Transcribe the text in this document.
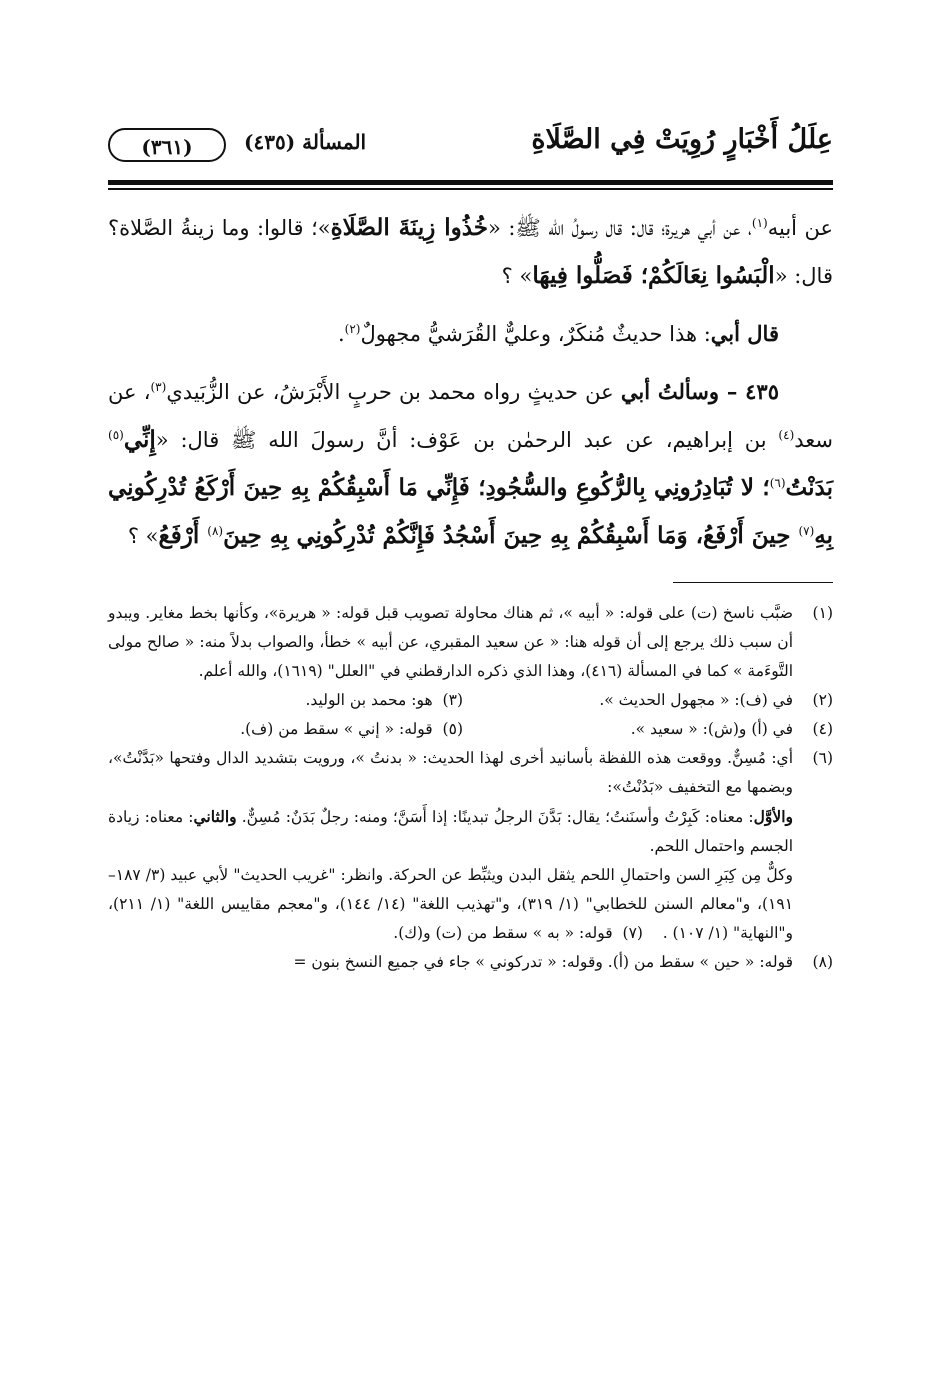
عِلَلُ أَخْبَارٍ رُوِيَتْ فِي الصَّلَاةِ
المسألة (٤٣٥)
(٣٦١)

عن أبيه$^{(١)}$، عن أبي هريرة؛ قال: قال رسولُ الله ﷺ: «خُذُوا زِينَةَ الصَّلَاةِ»؛ قالوا: وما زينةُ الصَّلاة؟ قال: «الْبَسُوا نِعَالَكُمْ؛ فَصَلُّوا فِيهَا» ؟

قال أبي: هذا حديثٌ مُنكَرٌ، وعليٌّ القُرَشيُّ مجهولٌ$^{(٢)}$.

٤٣٥ – وسألتُ أبي عن حديثٍ رواه محمد بن حربٍ الأَبْرَشُ، عن الزُّبَيدي$^{(٣)}$، عن سعد$^{(٤)}$ بن إبراهيم، عن عبد الرحمٰن بن عَوْف: أنَّ رسولَ الله ﷺ قال: «إِنِّي$^{(٥)}$ بَدَنْتُ$^{(٦)}$؛ لا تُبَادِرُونِي بِالرُّكُوعِ والسُّجُودِ؛ فَإِنِّي مَا أَسْبِقُكُمْ بِهِ حِينَ أَرْكَعُ تُدْرِكُونِي بِهِ$^{(٧)}$ حِينَ أَرْفَعُ، وَمَا أَسْبِقُكُمْ بِهِ حِينَ أَسْجُدُ فَإِنَّكُمْ تُدْرِكُونِي بِهِ حِينَ$^{(٨)}$ أَرْفَعُ» ؟

(١)
ضبَّب ناسخ (ت) على قوله: « أبيه »، ثم هناك محاولة تصويب قبل قوله: « هريرة»، وكأنها بخط مغاير. ويبدو أن سبب ذلك يرجع إلى أن قوله هنا: « عن سعيد المقبري، عن أبيه » خطأ، والصواب بدلاً منه: « صالح مولى التَّوءَمة » كما في المسألة (٤١٦)، وهذا الذي ذكره الدارقطني في "العلل" (١٦١٩)، والله أعلم.
(٢)
في (ف): « مجهول الحديث ».
(٣)  هو: محمد بن الوليد.
(٤)
في (أ) و(ش): « سعيد ».
(٥)  قوله: « إني » سقط من (ف).
(٦)

أي: مُسِنٌّ. ووقعت هذه اللفظة بأسانيد أخرى لهذا الحديث: « بدنتُ »، ورويت بتشديد الدال وفتحها «بَدَّنْتُ»، وبضمها مع التخفيف «بَدُنْتُ»:

والأوَّل: معناه: كَبِرْتُ وأسنَنتُ؛ يقال: بَدَّنَ الرجلُ تبدينًا: إذا أَسَنَّ؛ ومنه: رجلٌ بَدَنٌ: مُسِنٌّ. والثاني: معناه: زيادة الجسم واحتمال اللحم.

وكلٌّ مِن كِبَرِ السن واحتمالِ اللحم يثقل البدن ويثبِّط عن الحركة. وانظر: "غريب الحديث" لأبي عبيد (٣/ ١٨٧– ١٩١)، و"معالم السنن للخطابي" (١/ ٣١٩)، و"تهذيب اللغة" (١٤/ ١٤٤)، و"معجم مقاييس اللغة" (١/ ٢١١)، و"النهاية" (١/ ١٠٧) .    (٧)  قوله: « به » سقط من (ت) و(ك).

(٨)
قوله: « حين » سقط من (أ). وقوله: « تدركوني » جاء في جميع النسخ بنون =
